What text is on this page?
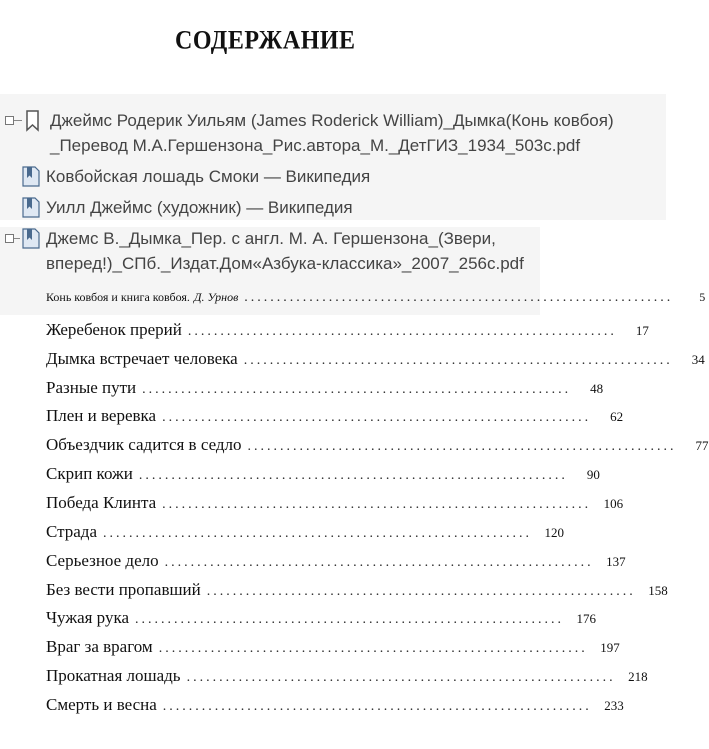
СОДЕРЖАНИЕ
Джеймс Родерик Уильям (James Roderick William)_Дымка(Конь ковбоя)
_Перевод М.А.Гершензона_Рис.автора_М._ДетГИЗ_1934_503с.pdf
Ковбойская лошадь Смоки — Википедия
Уилл Джеймс (художник) — Википедия
Джемс В._Дымка_Пер. с англ. М. А. Гершензона_(Звери,
вперед!)_СПб._Издат.Дом«Азбука-классика»_2007_256с.pdf
Конь ковбоя и книга ковбоя. Д. Урнов ..................................................................	5
Жеребенок прерий ..................................................................	17
Дымка встречает человека ..................................................................	34
Разные пути ..................................................................	48
Плен и веревка ..................................................................	62
Объездчик садится в седло ..................................................................	77
Скрип кожи ..................................................................	90
Победа Клинта .................................................................. 106
Страда .................................................................. 120
Серьезное дело .................................................................. 137
Без вести пропавший .................................................................. 158
Чужая рука .................................................................. 176
Враг за врагом .................................................................. 197
Прокатная лошадь .................................................................. 218
Смерть и весна .................................................................. 233
